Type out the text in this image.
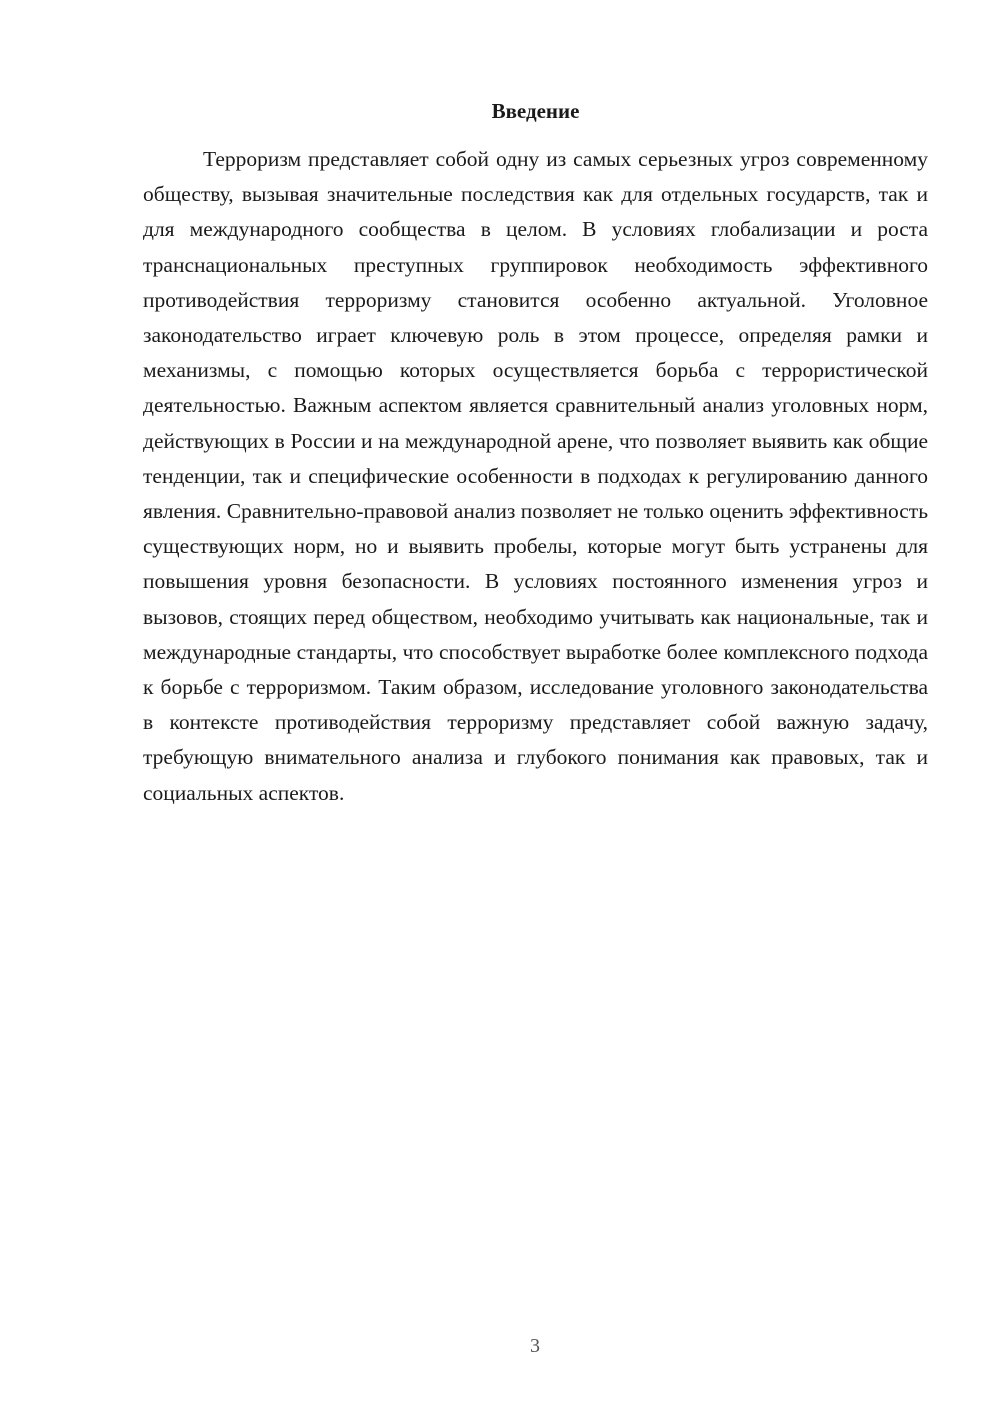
Введение

Терроризм представляет собой одну из самых серьезных угроз современному обществу, вызывая значительные последствия как для отдельных государств, так и для международного сообщества в целом. В условиях глобализации и роста транснациональных преступных группировок необходимость эффективного противодействия терроризму становится особенно актуальной. Уголовное законодательство играет ключевую роль в этом процессе, определяя рамки и механизмы, с помощью которых осуществляется борьба с террористической деятельностью. Важным аспектом является сравнительный анализ уголовных норм, действующих в России и на международной арене, что позволяет выявить как общие тенденции, так и специфические особенности в подходах к регулированию данного явления. Сравнительно-правовой анализ позволяет не только оценить эффективность существующих норм, но и выявить пробелы, которые могут быть устранены для повышения уровня безопасности. В условиях постоянного изменения угроз и вызовов, стоящих перед обществом, необходимо учитывать как национальные, так и международные стандарты, что способствует выработке более комплексного подхода к борьбе с терроризмом. Таким образом, исследование уголовного законодательства в контексте противодействия терроризму представляет собой важную задачу, требующую внимательного анализа и глубокого понимания как правовых, так и социальных аспектов.

3
